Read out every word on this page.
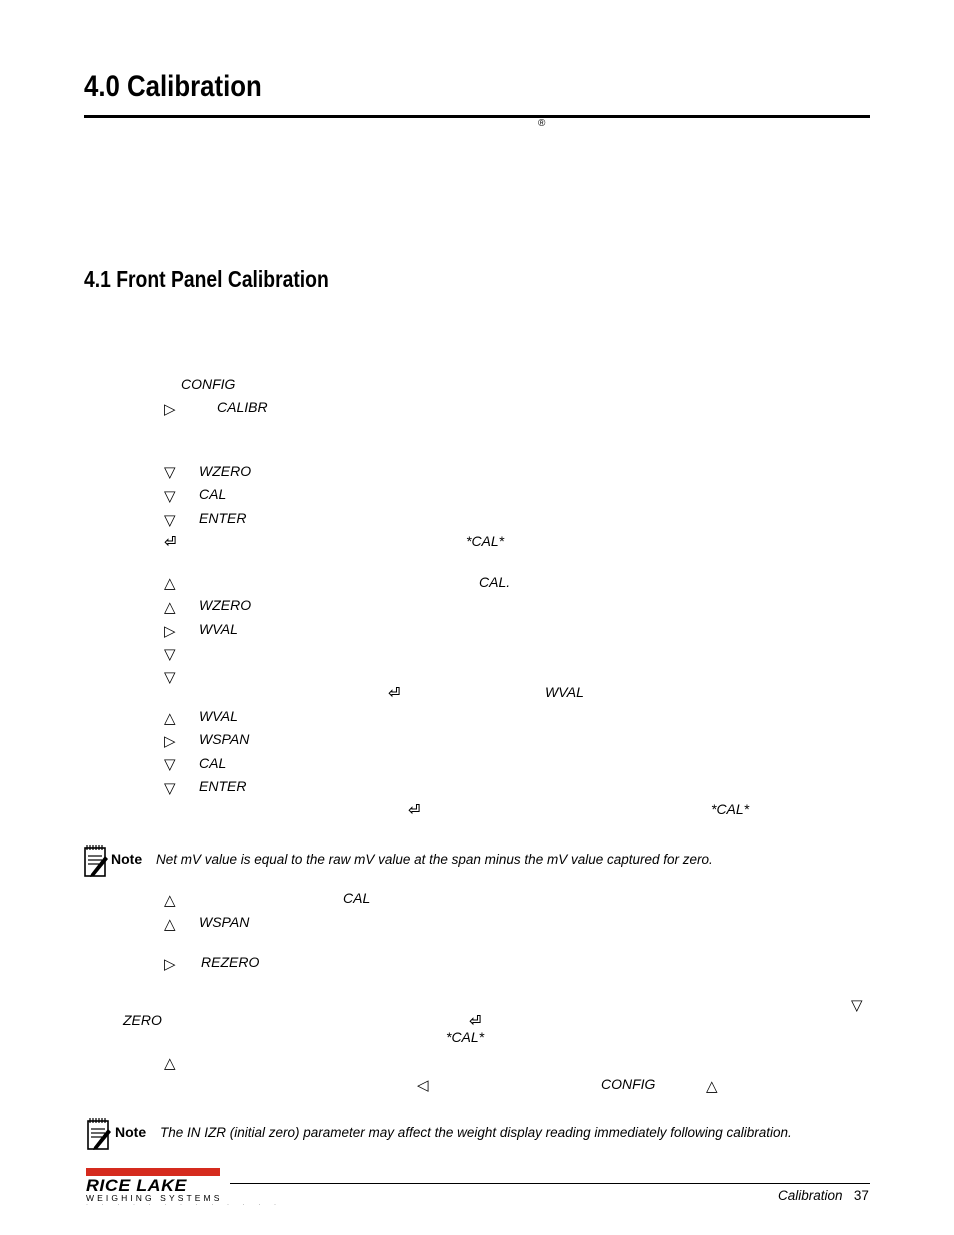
4.0 Calibration
®
4.1 Front Panel Calibration
CONFIG
▷	CALIBR
▽ WZERO
▽ CAL
▽ ENTER
⏎	*CAL*
△	CAL.
△ WZERO
▷ WVAL
▽
▽
⏎	WVAL
△ WVAL
▷ WSPAN
▽ CAL
▽ ENTER
⏎	*CAL*
Note Net mV value is equal to the raw mV value at the span minus the mV value captured for zero.
△	CAL
△ WSPAN
▷ REZERO
▽
ZERO	⏎
*CAL*
△
◁	CONFIG	△
Note The IN IZR (initial zero) parameter may affect the weight display reading immediately following calibration.
RICE LAKE
WEIGHING SYSTEMS
· · · · · · · · · · · · ·
Calibration 37
